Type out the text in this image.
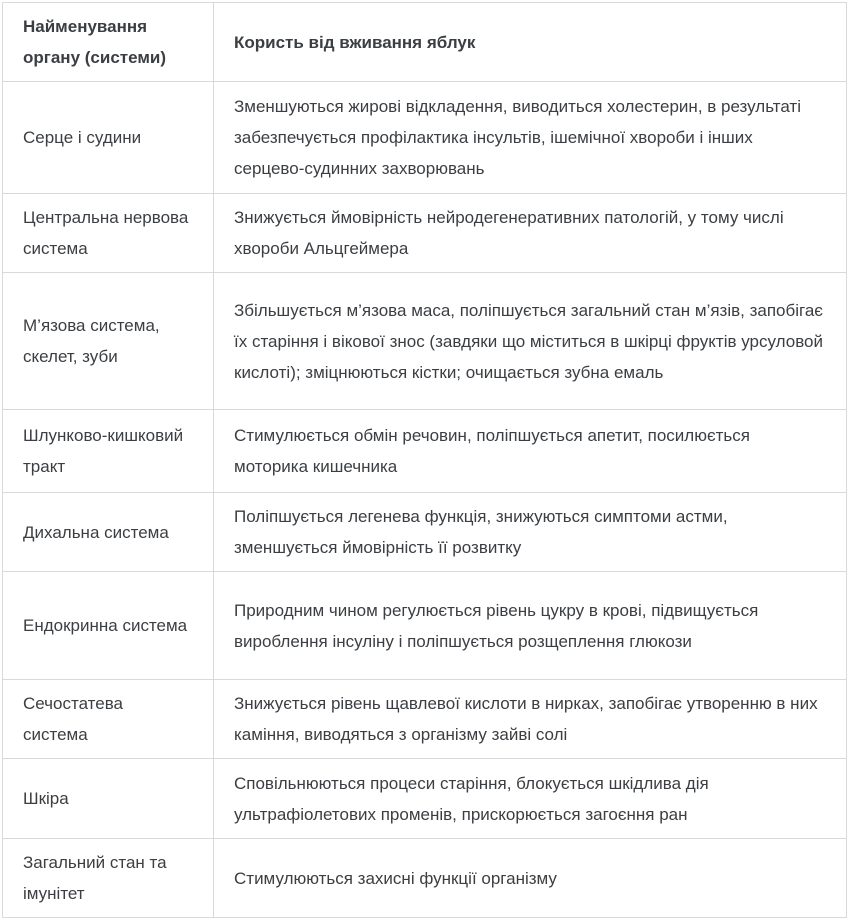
Найменування органу (системи)	Користь від вживання яблук
Серце і судини	Зменшуються жирові відкладення, виводиться холестерин, в результаті забезпечується профілактика інсультів, ішемічної хвороби і інших серцево-судинних захворювань
Центральна нервова система	Знижується ймовірність нейродегенеративних патологій, у тому числі хвороби Альцгеймера
М’язова система, скелет, зуби	Збільшується м’язова маса, поліпшується загальний стан м’язів, запобігає їх старіння і вікової знос (завдяки що міститься в шкірці фруктів урсуловой кислоті); зміцнюються кістки; очищається зубна емаль
Шлунково-кишковий тракт	Стимулюється обмін речовин, поліпшується апетит, посилюється моторика кишечника
Дихальна система	Поліпшується легенева функція, знижуються симптоми астми, зменшується ймовірність її розвитку
Ендокринна система	Природним чином регулюється рівень цукру в крові, підвищується вироблення інсуліну і поліпшується розщеплення глюкози
Сечостатева система	Знижується рівень щавлевої кислоти в нирках, запобігає утворенню в них каміння, виводяться з організму зайві солі
Шкіра	Сповільнюються процеси старіння, блокується шкідлива дія ультрафіолетових променів, прискорюється загоєння ран
Загальний стан та імунітет	Стимулюються захисні функції організму
